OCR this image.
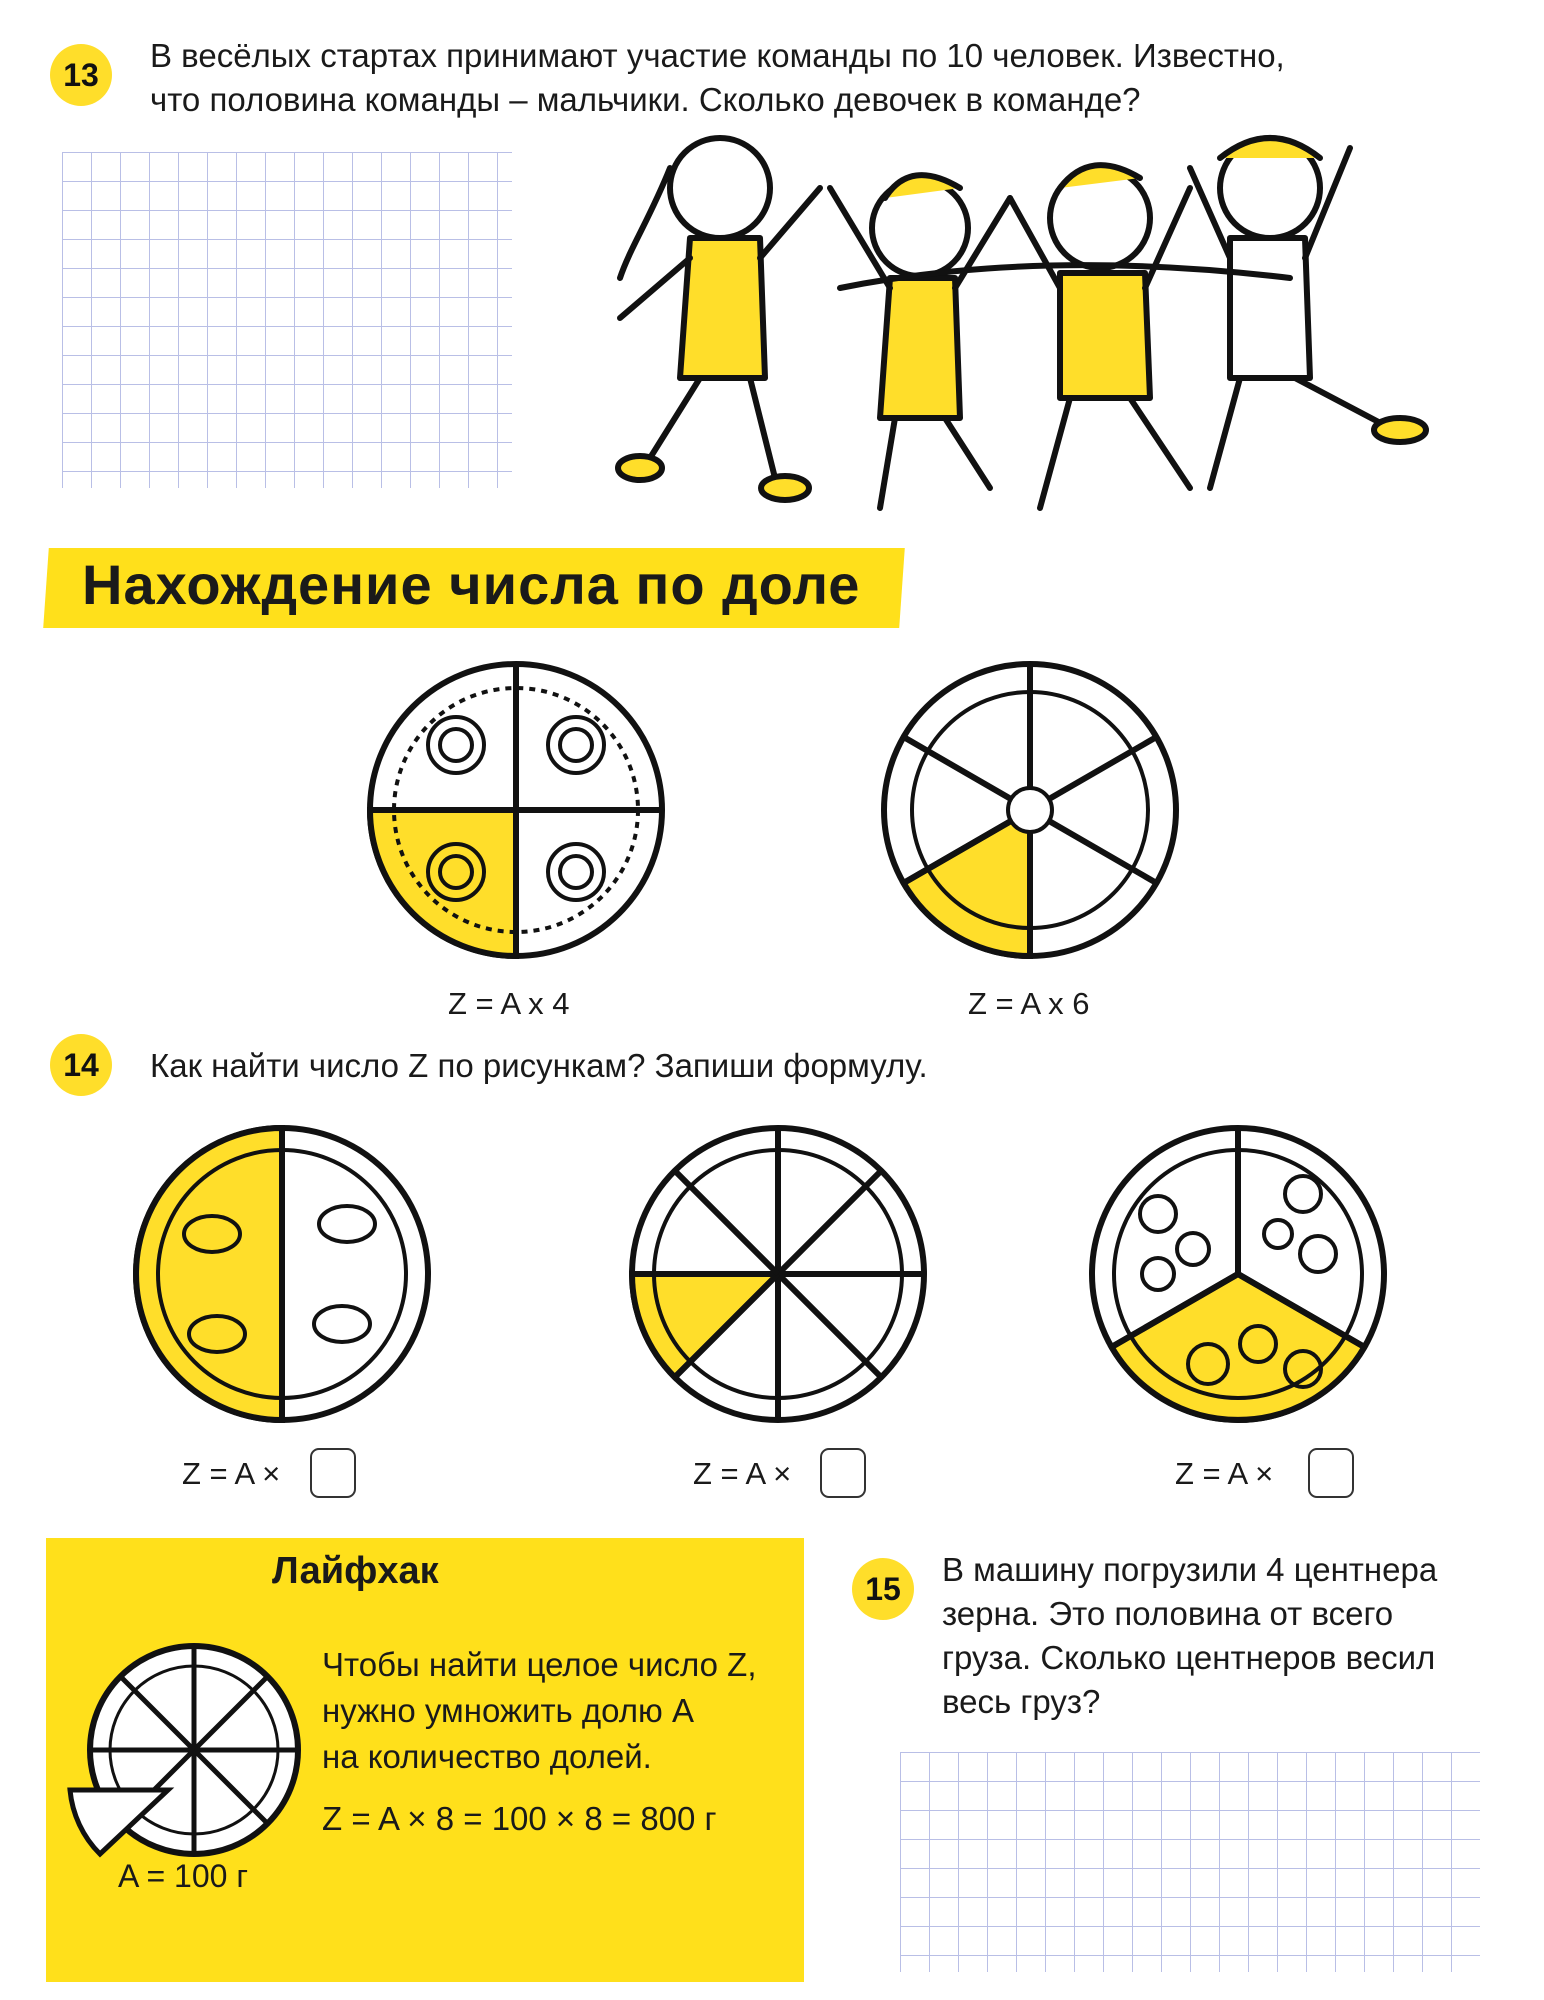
13
В весёлых стартах принимают участие команды по 10 человек. Известно,
что половина команды – мальчики. Сколько девочек в команде?
Нахождение числа по доле
Z = A x 4	Z = A x 6
14 Как найти число Z по рисункам? Запиши формулу.
Z = A ×	Z = A ×	Z = A ×
Лайфхак
Чтобы найти целое число Z,
нужно умножить долю А
на количество долей.
Z = A × 8 = 100 × 8 = 800 г
A = 100 г
15
В машину погрузили 4 центнера
зерна. Это половина от всего
груза. Сколько центнеров весил
весь груз?
